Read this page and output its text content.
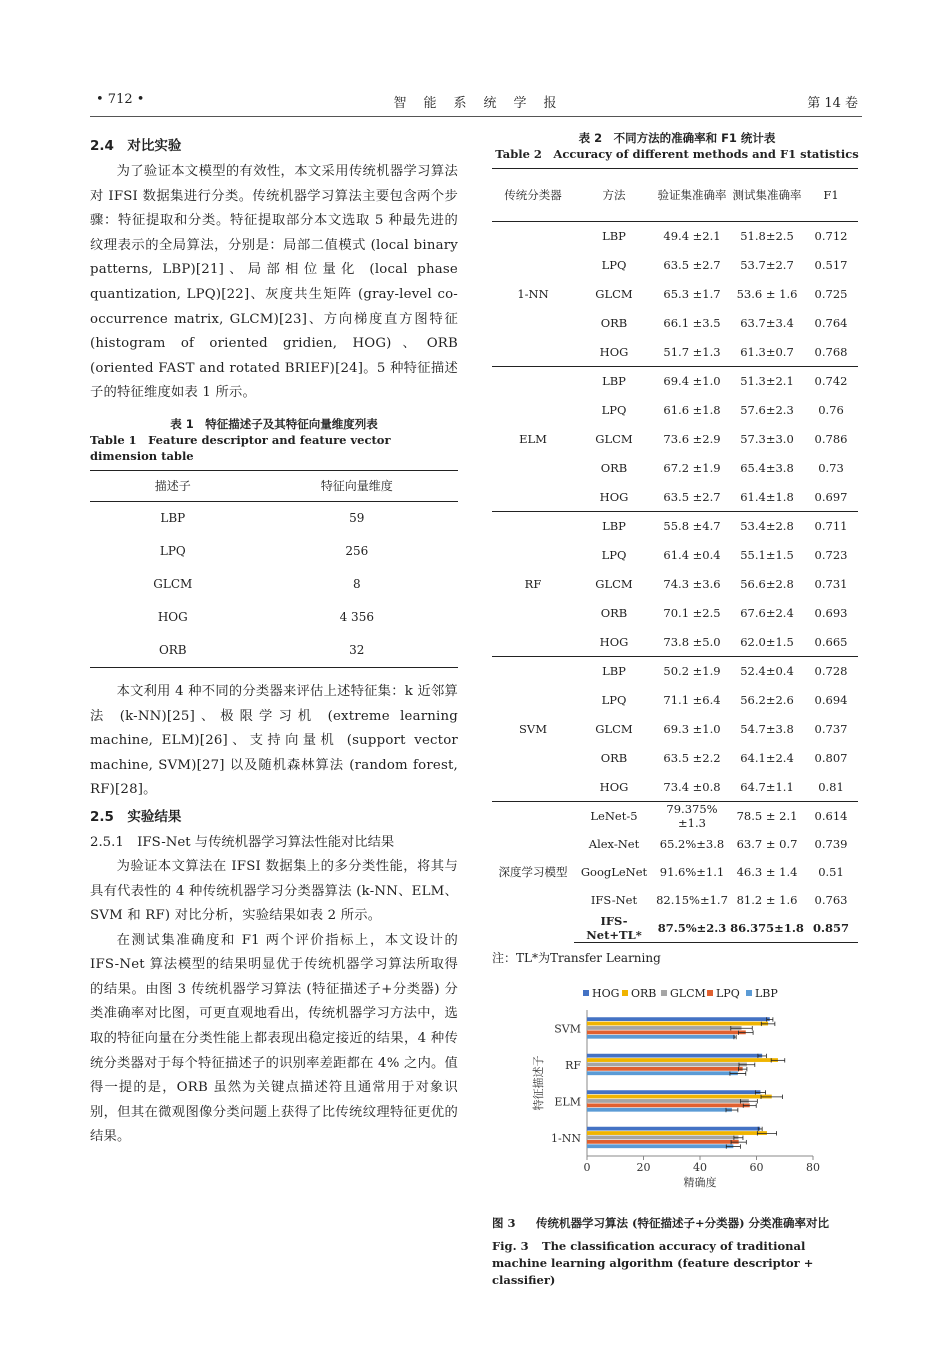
• 712 •	智　能　系　统　学　报	第 14 卷
2.4　对比实验

为了验证本文模型的有效性，本文采用传统机器学习算法对 IFSI 数据集进行分类。传统机器学习算法主要包含两个步骤：特征提取和分类。特征提取部分本文选取 5 种最先进的纹理表示的全局算法，分别是：局部二值模式 (local binary patterns, LBP)[21]、局部相位量化 (local phase quantization, LPQ)[22]、灰度共生矩阵 (gray-level co-occurrence matrix, GLCM)[23]、方向梯度直方图特征 (histogram of oriented gridien, HOG)、ORB (oriented FAST and rotated BRIEF)[24]。5 种特征描述子的特征维度如表 1 所示。

表 1　特征描述子及其特征向量维度列表
Table 1　Feature descriptor and feature vector dimension table
描述子	特征向量维度
LBP	59
LPQ	256
GLCM	8
HOG	4 356
ORB	32

本文利用 4 种不同的分类器来评估上述特征集：k 近邻算法 (k-NN)[25]、极限学习机 (extreme learning machine, ELM)[26]、支持向量机 (support vector machine, SVM)[27] 以及随机森林算法 (random forest, RF)[28]。

2.5　实验结果
2.5.1　IFS-Net 与传统机器学习算法性能对比结果

为验证本文算法在 IFSI 数据集上的多分类性能，将其与具有代表性的 4 种传统机器学习分类器算法 (k-NN、ELM、SVM 和 RF) 对比分析，实验结果如表 2 所示。

在测试集准确度和 F1 两个评价指标上，本文设计的 IFS-Net 算法模型的结果明显优于传统机器学习算法所取得的结果。由图 3 传统机器学习算法 (特征描述子+分类器) 分类准确率对比图，可更直观地看出，传统机器学习方法中，选取的特征向量在分类性能上都表现出稳定接近的结果，4 种传统分类器对于每个特征描述子的识别率差距都在 4% 之内。值得一提的是，ORB 虽然为关键点描述符且通常用于对象识别，但其在微观图像分类问题上获得了比传统纹理特征更优的结果。

表 2　不同方法的准确率和 F1 统计表
Table 2　Accuracy of different methods and F1 statistics
传统分类器	方法	验证集准确率	测试集准确率	F1
1-NN	LBP	49.4 ±2.1	51.8±2.5	0.712
	LPQ	63.5 ±2.7	53.7±2.7	0.517
	GLCM	65.3 ±1.7	53.6 ± 1.6	0.725
	ORB	66.1 ±3.5	63.7±3.4	0.764
	HOG	51.7 ±1.3	61.3±0.7	0.768
ELM	LBP	69.4 ±1.0	51.3±2.1	0.742
	LPQ	61.6 ±1.8	57.6±2.3	0.76
	GLCM	73.6 ±2.9	57.3±3.0	0.786
	ORB	67.2 ±1.9	65.4±3.8	0.73
	HOG	63.5 ±2.7	61.4±1.8	0.697
RF	LBP	55.8 ±4.7	53.4±2.8	0.711
	LPQ	61.4 ±0.4	55.1±1.5	0.723
	GLCM	74.3 ±3.6	56.6±2.8	0.731
	ORB	70.1 ±2.5	67.6±2.4	0.693
	HOG	73.8 ±5.0	62.0±1.5	0.665
SVM	LBP	50.2 ±1.9	52.4±0.4	0.728
	LPQ	71.1 ±6.4	56.2±2.6	0.694
	GLCM	69.3 ±1.0	54.7±3.8	0.737
	ORB	63.5 ±2.2	64.1±2.4	0.807
	HOG	73.4 ±0.8	64.7±1.1	0.81
深度学习模型	LeNet-5	79.375%±1.3	78.5 ± 2.1	0.614
	Alex-Net	65.2%±3.8	63.7 ± 0.7	0.739
	GoogLeNet	91.6%±1.1	46.3 ± 1.4	0.51
	IFS-Net	82.15%±1.7	81.2 ± 1.6	0.763
	IFS-Net+TL*	87.5%±2.3	86.375±1.8	0.857
注：TL*为Transfer Learning
HOG ORB GLCM LPQ LBP
0	20	40	60	80
精确度
特征描述子
SVM
RF
ELM
1-NN
图 3 传统机器学习算法 (特征描述子+分类器) 分类准确率对比
Fig. 3 The classification accuracy of traditional machine learning algorithm (feature descriptor + classifier)
